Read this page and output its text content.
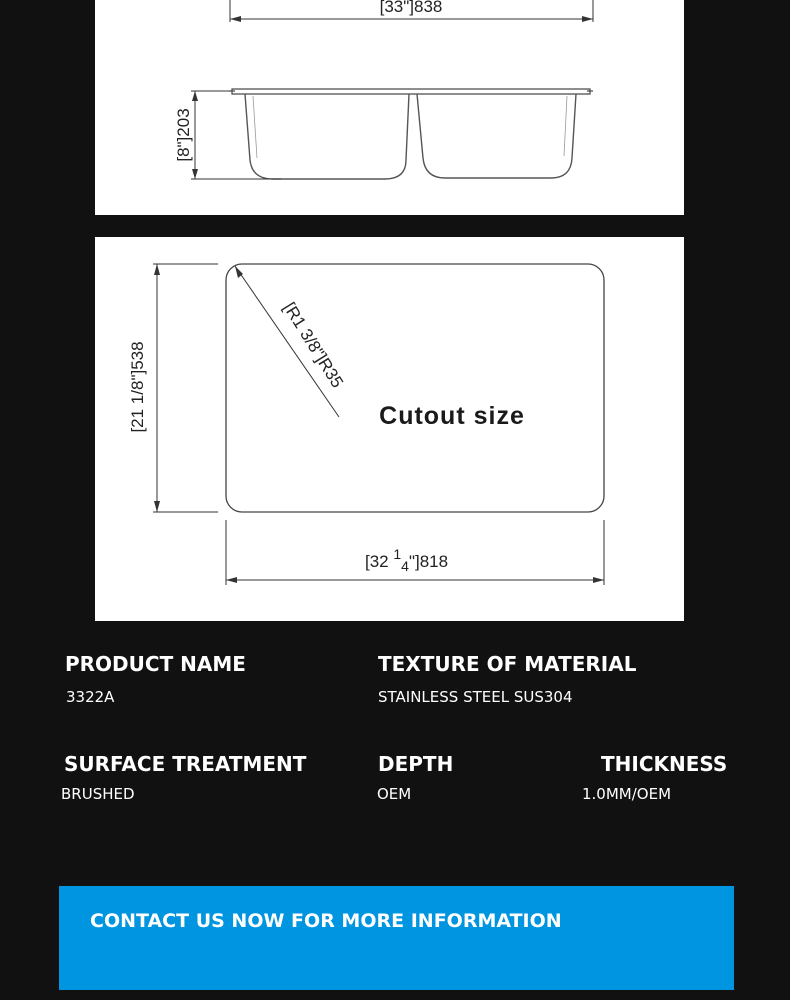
[33"]838
[8"]203
[R1 3/8"]R35
Cutout size
[21 1/8"]538
[32 $^1_4$"]818
PRODUCT NAME
3322A
TEXTURE OF MATERIAL
STAINLESS STEEL SUS304
SURFACE TREATMENT
BRUSHED
DEPTH
OEM
THICKNESS
1.0MM/OEM
CONTACT US NOW FOR MORE INFORMATION
